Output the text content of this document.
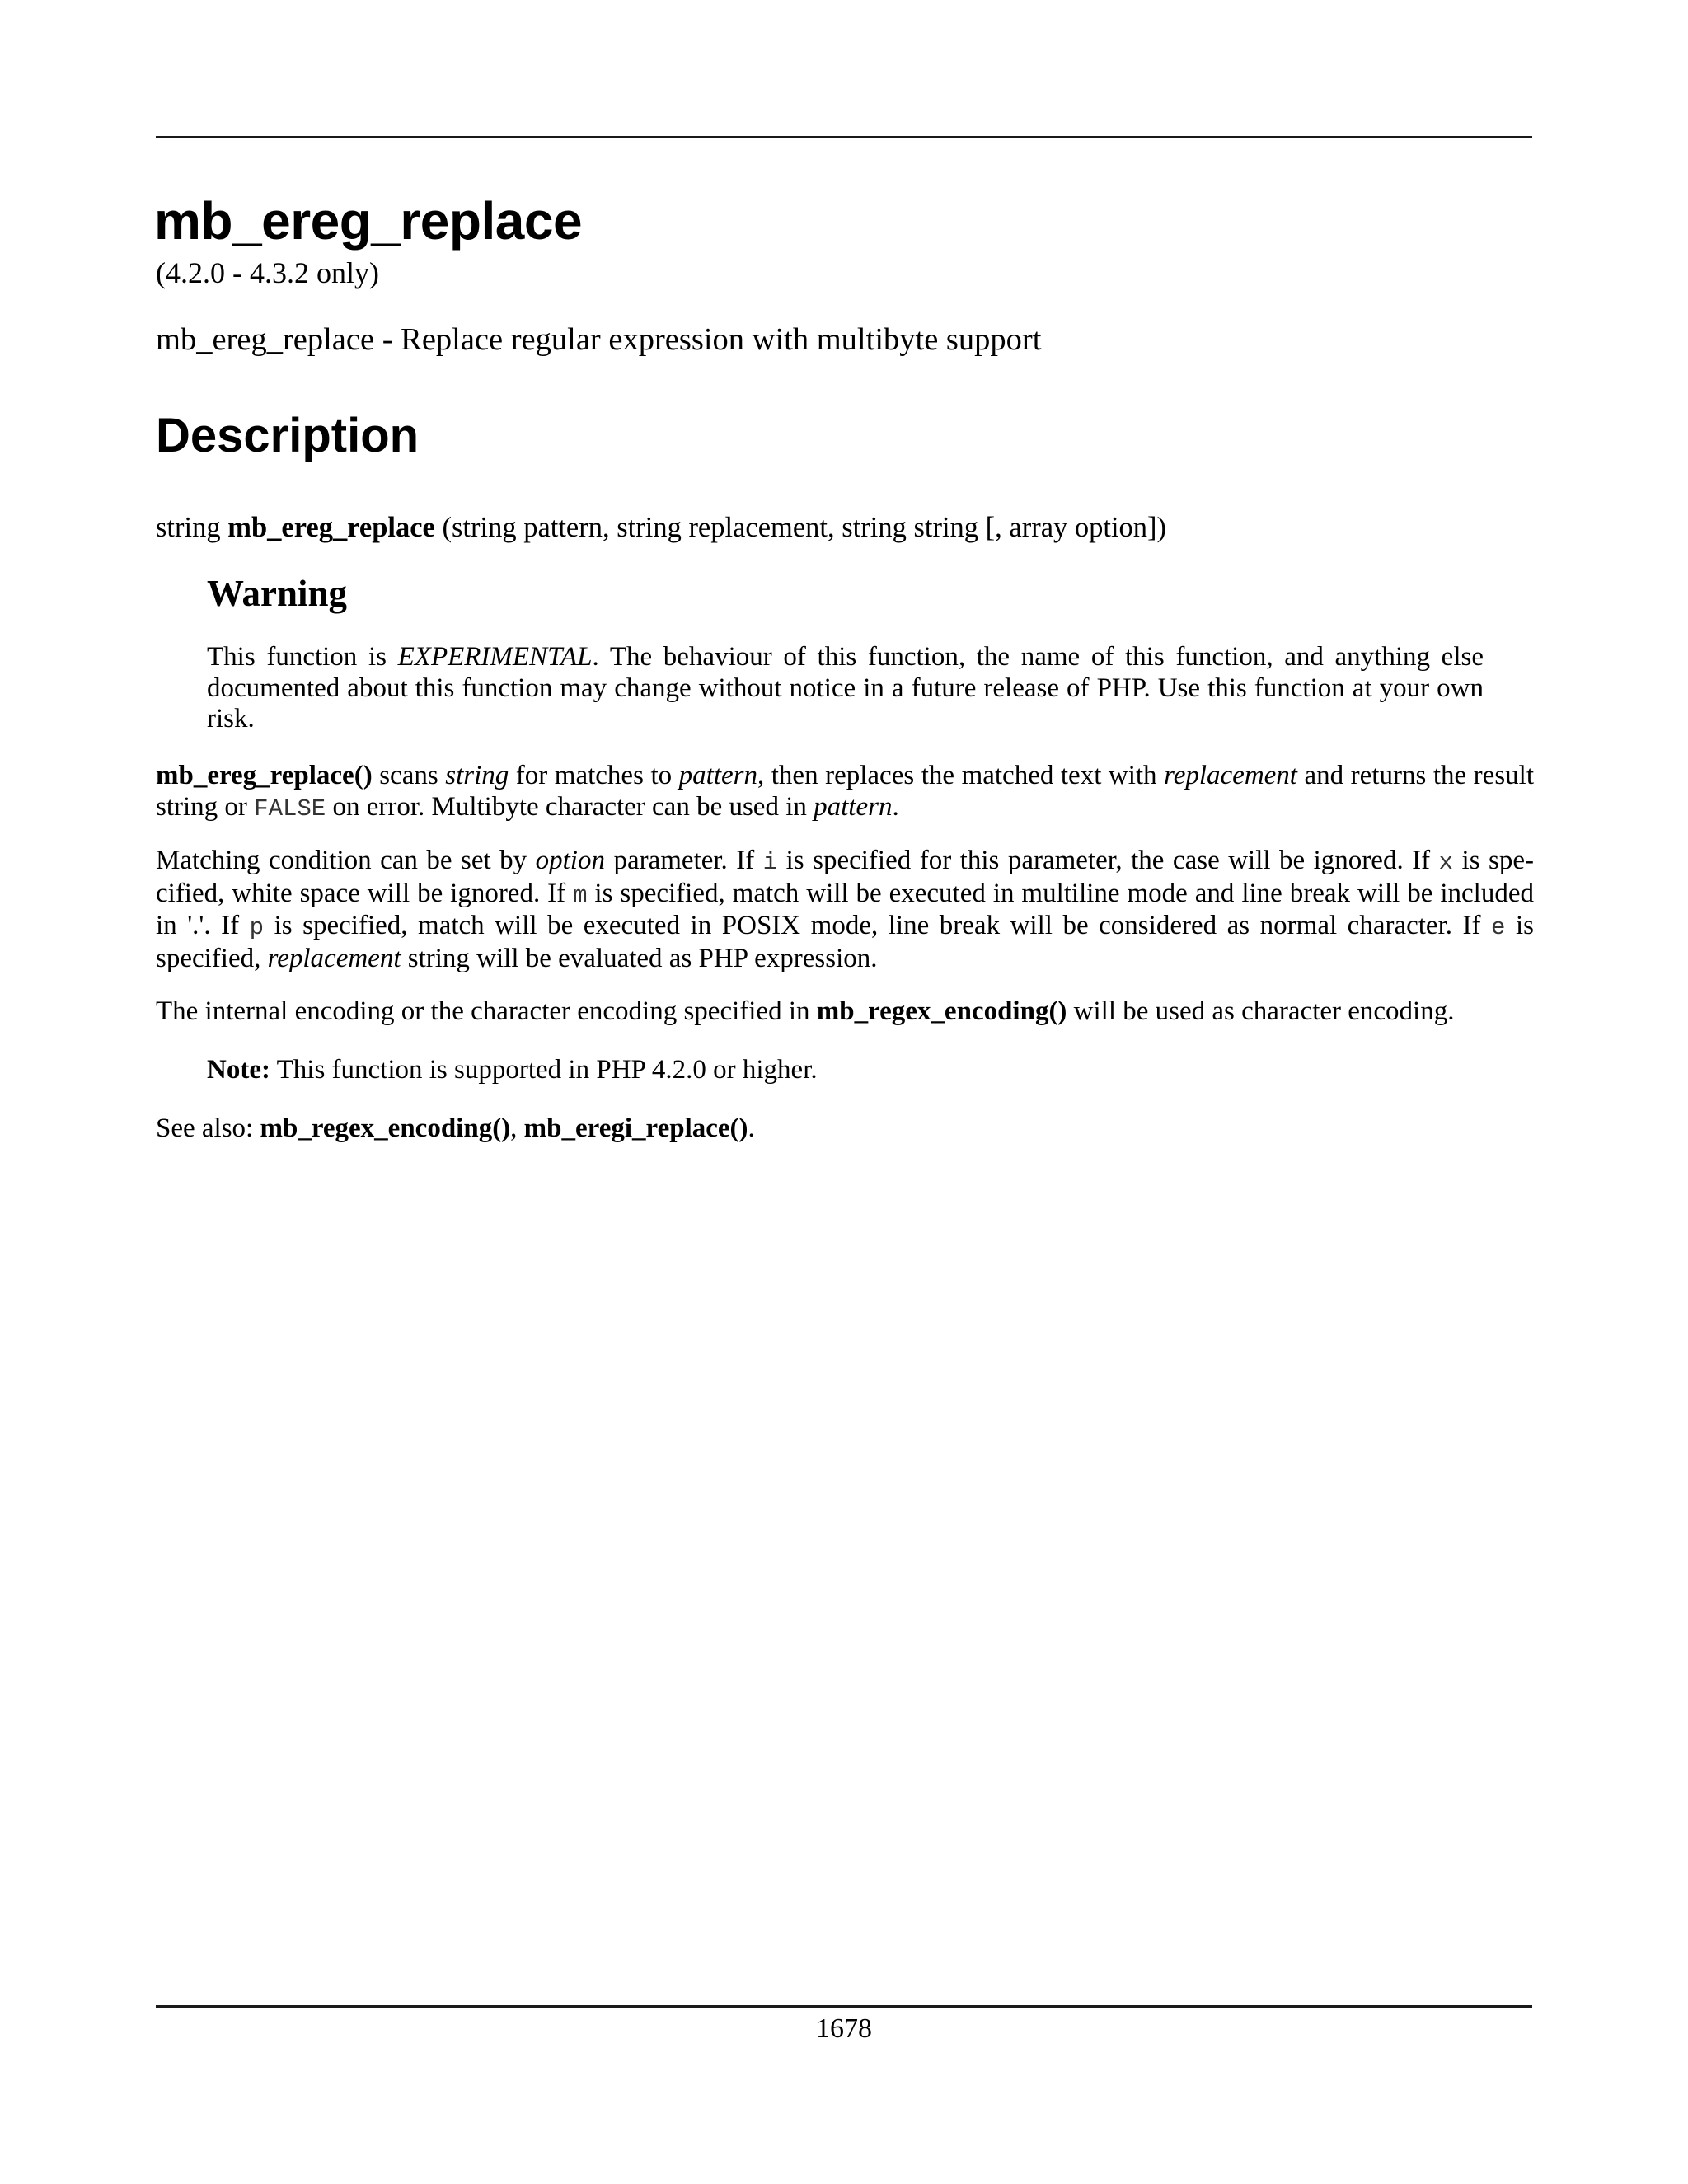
mb_ereg_replace
(4.2.0 - 4.3.2 only)

mb_ereg_replace - Replace regular expression with multibyte support

Description
string mb_ereg_replace (string pattern, string replacement, string string [, array option])
Warning

This function is EXPERIMENTAL. The behaviour of this function, the name of this function, and anything else documented about this function may change without notice in a future release of PHP. Use this function at your own risk.

mb_ereg_replace() scans string for matches to pattern, then replaces the matched text with replacement and returns the result string or FALSE on error. Multibyte character can be used in pattern.

Matching condition can be set by option parameter. If i is specified for this parameter, the case will be ignored. If x is specified, white space will be ignored. If m is specified, match will be executed in multiline mode and line break will be included in '.'. If p is specified, match will be executed in POSIX mode, line break will be considered as normal character. If e is specified, replacement string will be evaluated as PHP expression.

The internal encoding or the character encoding specified in mb_regex_encoding() will be used as character encoding.

Note: This function is supported in PHP 4.2.0 or higher.

See also: mb_regex_encoding(), mb_eregi_replace().

1678
